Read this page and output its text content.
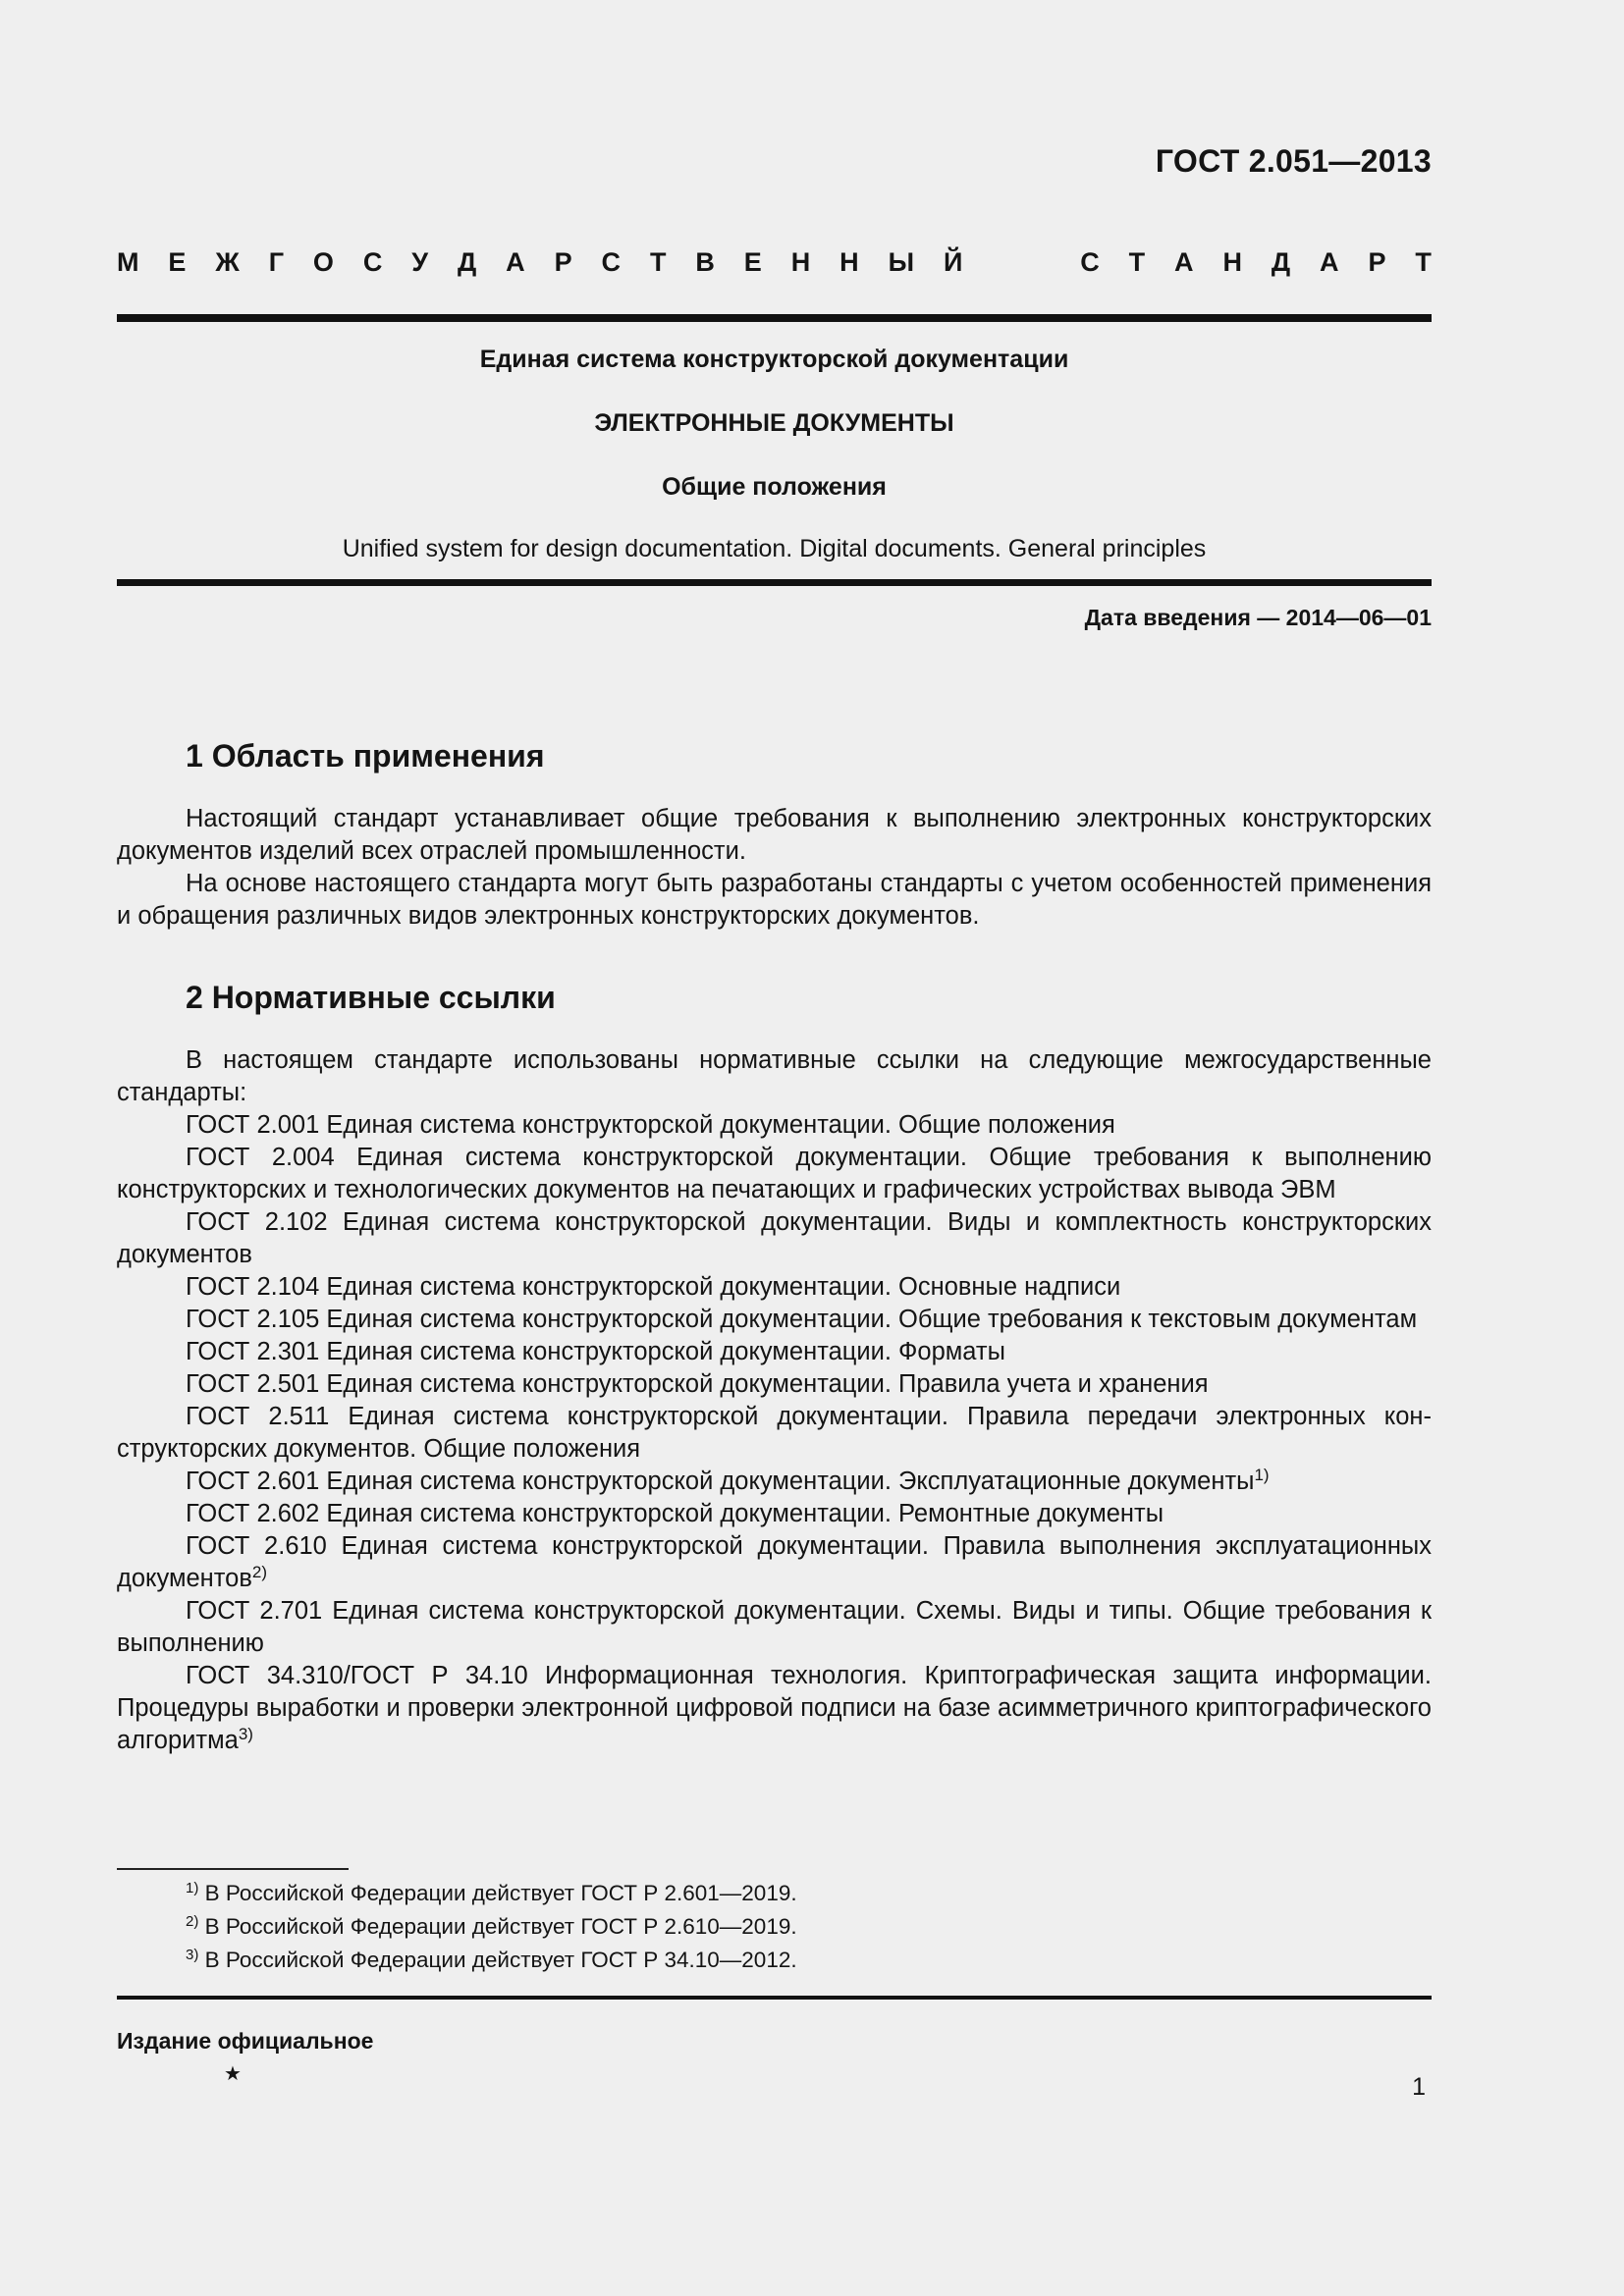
ГОСТ 2.051—2013
М Е Ж Г О С У Д А Р С Т В Е Н Н Ы Й	С Т А Н Д А Р Т
Единая система конструкторской документации
ЭЛЕКТРОННЫЕ ДОКУМЕНТЫ
Общие положения
Unified system for design documentation. Digital documents. General principles
Дата введения — 2014—06—01
1 Область применения

Настоящий стандарт устанавливает общие требования к выполнению электронных конструкторских документов изделий всех отраслей промышленности.

На основе настоящего стандарта могут быть разработаны стандарты с учетом особенностей применения и обращения различных видов электронных конструкторских документов.

2 Нормативные ссылки

В настоящем стандарте использованы нормативные ссылки на следующие межгосударственные стандарты:

ГОСТ 2.001 Единая система конструкторской документации. Общие положения

ГОСТ 2.004 Единая система конструкторской документации. Общие требования к выполнению конструкторских и технологических документов на печатающих и графических устройствах вывода ЭВМ

ГОСТ 2.102 Единая система конструкторской документации. Виды и комплектность конструкторских документов

ГОСТ 2.104 Единая система конструкторской документации. Основные надписи

ГОСТ 2.105 Единая система конструкторской документации. Общие требования к текстовым документам

ГОСТ 2.301 Единая система конструкторской документации. Форматы

ГОСТ 2.501 Единая система конструкторской документации. Правила учета и хранения

ГОСТ 2.511 Единая система конструкторской документации. Правила передачи электронных конструкторских документов. Общие положения

ГОСТ 2.601 Единая система конструкторской документации. Эксплуатационные документы$^{1)}$

ГОСТ 2.602 Единая система конструкторской документации. Ремонтные документы

ГОСТ 2.610 Единая система конструкторской документации. Правила выполнения эксплуатационных документов$^{2)}$

ГОСТ 2.701 Единая система конструкторской документации. Схемы. Виды и типы. Общие требования к выполнению

ГОСТ 34.310/ГОСТ Р 34.10 Информационная технология. Криптографическая защита информации. Процедуры выработки и проверки электронной цифровой подписи на базе асимметричного криптографического алгоритма$^{3)}$

$^{1)}$ В Российской Федерации действует ГОСТ Р 2.601—2019.
$^{2)}$ В Российской Федерации действует ГОСТ Р 2.610—2019.
$^{3)}$ В Российской Федерации действует ГОСТ Р 34.10—2012.
Издание официальное
★	1
